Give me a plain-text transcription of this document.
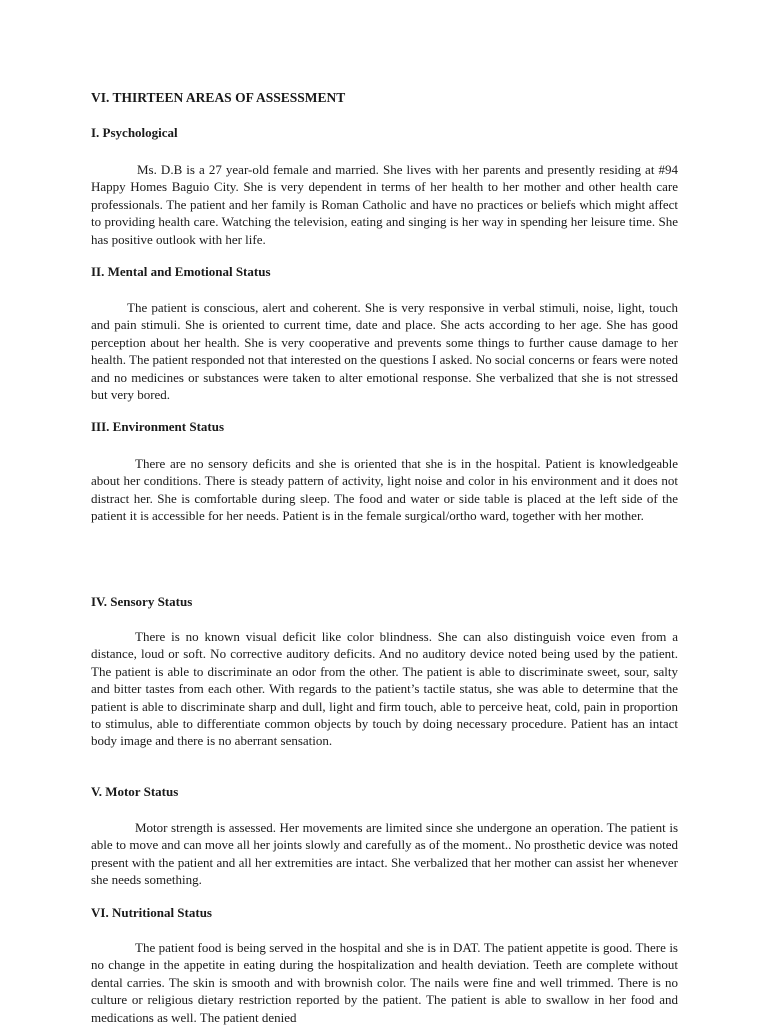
VI. THIRTEEN AREAS OF ASSESSMENT
I. Psychological

Ms. D.B is a 27 year-old female and married. She lives with her parents and presently residing at #94 Happy Homes Baguio City. She is very dependent in terms of her health to her mother and other health care professionals. The patient and her family is Roman Catholic and have no practices or beliefs which might affect to providing health care. Watching the television, eating and singing is her way in spending her leisure time. She has positive outlook with her life.

II. Mental and Emotional Status

The patient is conscious, alert and coherent. She is very responsive in verbal stimuli, noise, light, touch and pain stimuli. She is oriented to current time, date and place. She acts according to her age. She has good perception about her health. She is very cooperative and prevents some things to further cause damage to her health. The patient responded not that interested on the questions I asked. No social concerns or fears were noted and no medicines or substances were taken to alter emotional response. She verbalized that she is not stressed but very bored.

III. Environment Status

There are no sensory deficits and she is oriented that she is in the hospital. Patient is knowledgeable about her conditions. There is steady pattern of activity, light noise and color in his environment and it does not distract her. She is comfortable during sleep. The food and water or side table is placed at the left side of the patient it is accessible for her needs. Patient is in the female surgical/ortho ward, together with her mother.

IV. Sensory Status

There is no known visual deficit like color blindness. She can also distinguish voice even from a distance, loud or soft. No corrective auditory deficits. And no auditory device noted being used by the patient. The patient is able to discriminate an odor from the other. The patient is able to discriminate sweet, sour, salty and bitter tastes from each other. With regards to the patient’s tactile status, she was able to determine that the patient is able to discriminate sharp and dull, light and firm touch, able to perceive heat, cold, pain in proportion to stimulus, able to differentiate common objects by touch by doing necessary procedure. Patient has an intact body image and there is no aberrant sensation.

V. Motor Status

Motor strength is assessed. Her movements are limited since she undergone an operation. The patient is able to move and can move all her joints slowly and carefully as of the moment.. No prosthetic device was noted present with the patient and all her extremities are intact. She verbalized that her mother can assist her whenever she needs something.

VI. Nutritional Status

The patient food is being served in the hospital and she is in DAT. The patient appetite is good. There is no change in the appetite in eating during the hospitalization and health deviation. Teeth are complete without dental carries. The skin is smooth and with brownish color. The nails were fine and well trimmed. There is no culture or religious dietary restriction reported by the patient. The patient is able to swallow in her food and medications as well. The patient denied
